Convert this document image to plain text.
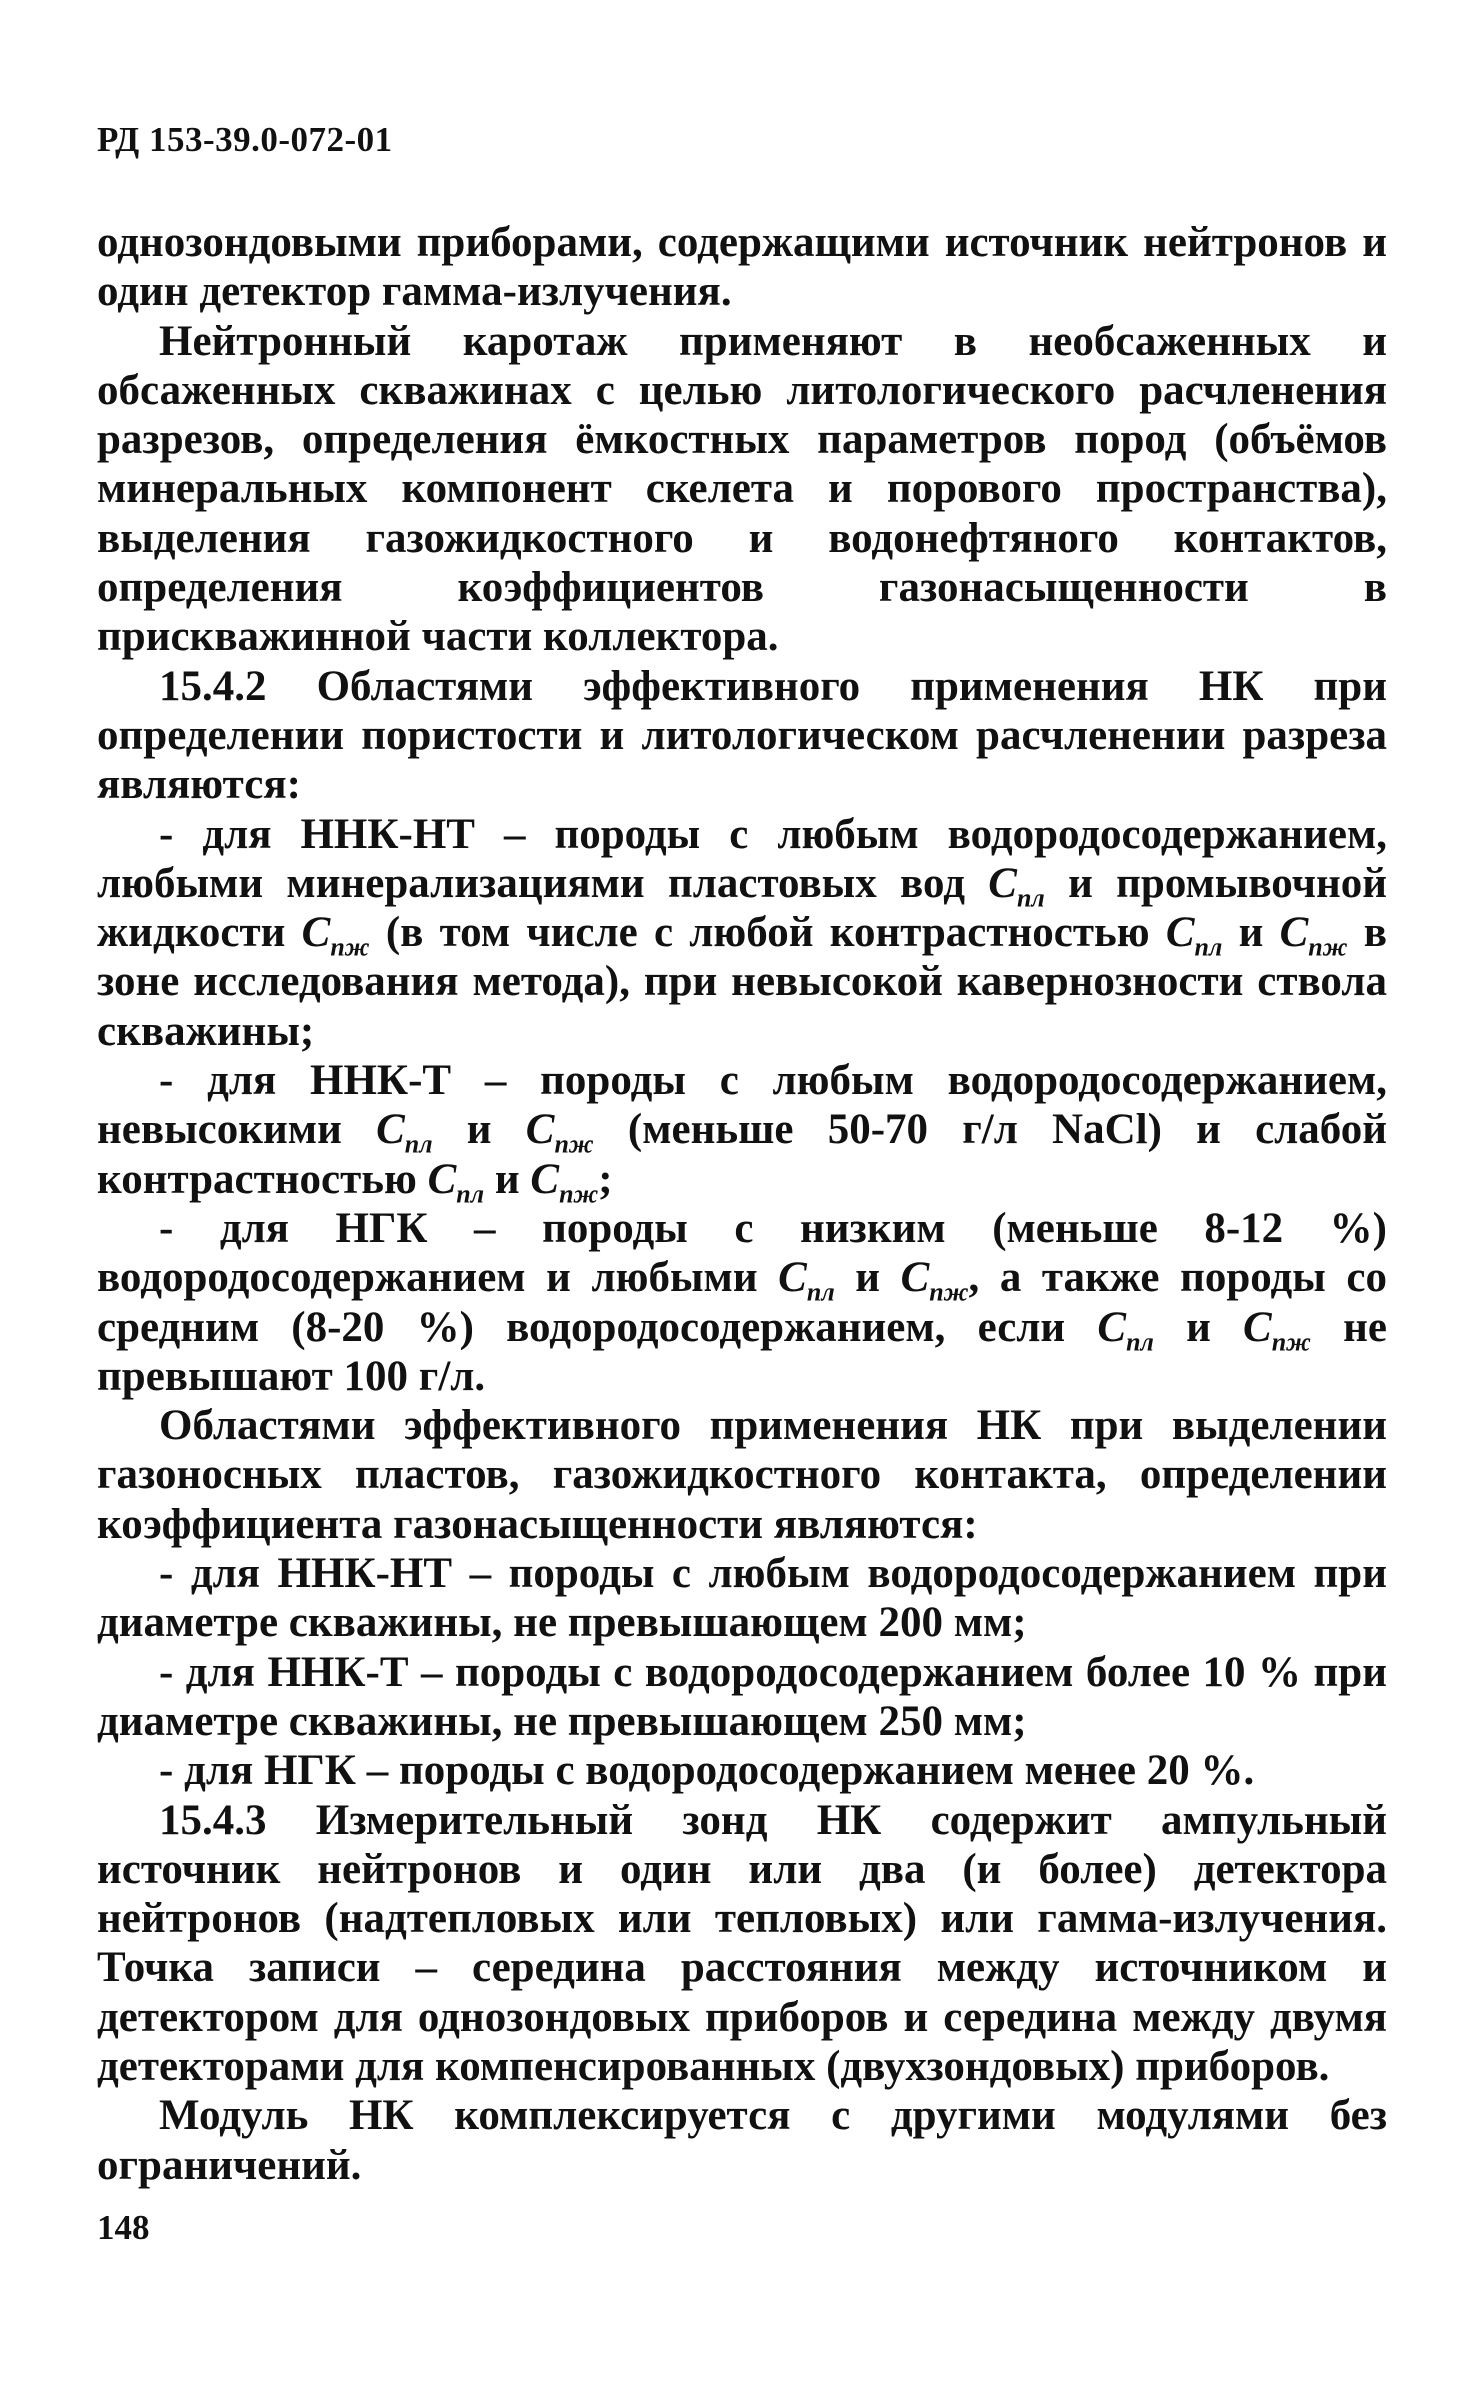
РД 153-39.0-072-01

однозондовыми приборами, содержащими источник нейтронов и один детектор гамма-излучения.

Нейтронный каротаж применяют в необсаженных и обсаженных скважинах с целью литологического расчленения разрезов, определения ёмкостных параметров пород (объёмов минеральных компонент скелета и порового пространства), выделения газожидкостного и водонефтяного контактов, определения коэффициентов газонасыщенности в прискважинной части коллектора.

15.4.2 Областями эффективного применения НК при определении пористости и литологическом расчленении разреза являются:

- для ННК-НТ – породы с любым водородосодержанием, любыми минерализациями пластовых вод $C_{пл}$ и промывочной жидкости $C_{пж}$ (в том числе с любой контрастностью $C_{пл}$ и $C_{пж}$ в зоне исследования метода), при невысокой кавернозности ствола скважины;

- для ННК-Т – породы с любым водородосодержанием, невысокими $C_{пл}$ и $C_{пж}$ (меньше 50-70 г/л NaCl) и слабой контрастностью $C_{пл}$ и $C_{пж}$;

- для НГК – породы с низким (меньше 8-12 %) водородосодержанием и любыми $C_{пл}$ и $C_{пж}$, а также породы со средним (8-20 %) водородосодержанием, если $C_{пл}$ и $C_{пж}$ не превышают 100 г/л.

Областями эффективного применения НК при выделении газоносных пластов, газожидкостного контакта, определении коэффициента газонасыщенности являются:

- для ННК-НТ – породы с любым водородосодержанием при диаметре скважины, не превышающем 200 мм;

- для ННК-Т – породы с водородосодержанием более 10 % при диаметре скважины, не превышающем 250 мм;

- для НГК – породы с водородосодержанием менее 20 %.

15.4.3 Измерительный зонд НК содержит ампульный источник нейтронов и один или два (и более) детектора нейтронов (надтепловых или тепловых) или гамма-излучения. Точка записи – середина расстояния между источником и детектором для однозондовых приборов и середина между двумя детекторами для компенсированных (двухзондовых) приборов.

Модуль НК комплексируется с другими модулями без ограничений.

148
